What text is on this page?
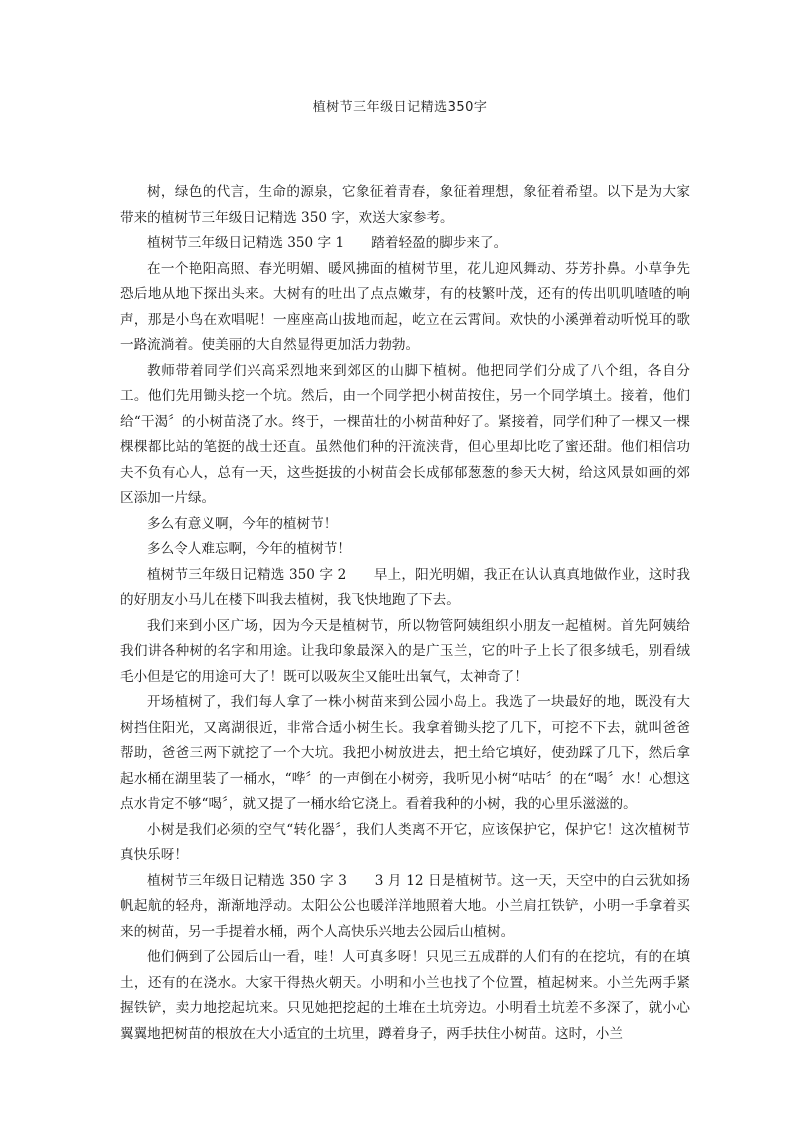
植树节三年级日记精选350字

树，绿色的代言，生命的源泉，它象征着青春，象征着理想，象征着希望。以下是为大家带来的植树节三年级日记精选 350 字，欢送大家参考。

植树节三年级日记精选 350 字 1　　踏着轻盈的脚步来了。

在一个艳阳高照、春光明媚、暖风拂面的植树节里，花儿迎风舞动、芬芳扑鼻。小草争先恐后地从地下探出头来。大树有的吐出了点点嫩芽，有的枝繁叶茂，还有的传出叽叽喳喳的响声，那是小鸟在欢唱呢！一座座高山拔地而起，屹立在云霄间。欢快的小溪弹着动听悦耳的歌一路流淌着。使美丽的大自然显得更加活力勃勃。

教师带着同学们兴高采烈地来到郊区的山脚下植树。他把同学们分成了八个组，各自分工。他们先用锄头挖一个坑。然后，由一个同学把小树苗按住，另一个同学填土。接着，他们给“干渴〞的小树苗浇了水。终于，一棵苗壮的小树苗种好了。紧接着，同学们种了一棵又一棵棵棵都比站的笔挺的战士还直。虽然他们种的汗流浃背，但心里却比吃了蜜还甜。他们相信功夫不负有心人，总有一天，这些挺拔的小树苗会长成郁郁葱葱的参天大树，给这风景如画的郊区添加一片绿。

多么有意义啊，今年的植树节！

多么令人难忘啊，今年的植树节！

植树节三年级日记精选 350 字 2　　早上，阳光明媚，我正在认认真真地做作业，这时我的好朋友小马儿在楼下叫我去植树，我飞快地跑了下去。

我们来到小区广场，因为今天是植树节，所以物管阿姨组织小朋友一起植树。首先阿姨给我们讲各种树的名字和用途。让我印象最深入的是广玉兰，它的叶子上长了很多绒毛，别看绒毛小但是它的用途可大了！既可以吸灰尘又能吐出氧气，太神奇了！

开场植树了，我们每人拿了一株小树苗来到公园小岛上。我选了一块最好的地，既没有大树挡住阳光，又离湖很近，非常合适小树生长。我拿着锄头挖了几下，可挖不下去，就叫爸爸帮助，爸爸三两下就挖了一个大坑。我把小树放进去，把土给它填好，使劲踩了几下，然后拿起水桶在湖里装了一桶水，“哗〞的一声倒在小树旁，我听见小树“咕咕〞的在“喝〞水！心想这点水肯定不够“喝〞，就又提了一桶水给它浇上。看着我种的小树，我的心里乐滋滋的。

小树是我们必须的空气“转化器〞，我们人类离不开它，应该保护它，保护它！这次植树节真快乐呀！

植树节三年级日记精选 350 字 3　　3 月 12 日是植树节。这一天，天空中的白云犹如扬帆起航的轻舟，渐渐地浮动。太阳公公也暖洋洋地照着大地。小兰肩扛铁铲，小明一手拿着买来的树苗，另一手提着水桶，两个人高快乐兴地去公园后山植树。

他们俩到了公园后山一看，哇！人可真多呀！只见三五成群的人们有的在挖坑，有的在填土，还有的在浇水。大家干得热火朝天。小明和小兰也找了个位置，植起树来。小兰先两手紧握铁铲，卖力地挖起坑来。只见她把挖起的土堆在土坑旁边。小明看土坑差不多深了，就小心翼翼地把树苗的根放在大小适宜的土坑里，蹲着身子，两手扶住小树苗。这时，小兰
